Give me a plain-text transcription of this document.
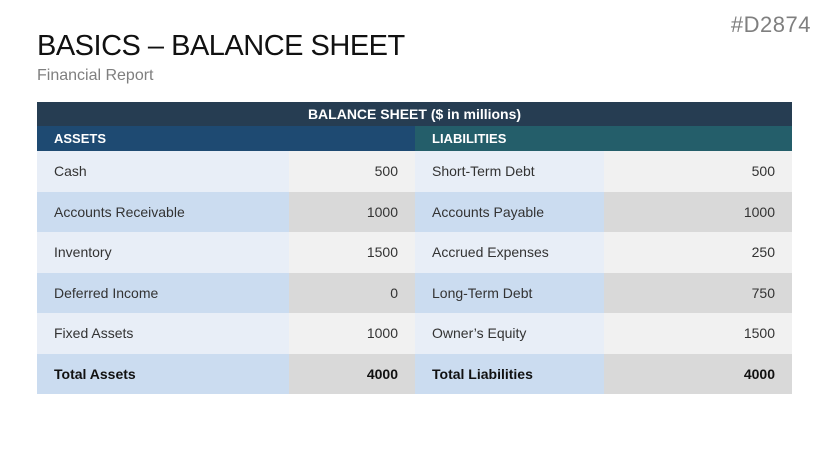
#D2874
BASICS – BALANCE SHEET
Financial Report
BALANCE SHEET ($ in millions)			
ASSETS		LIABILITIES	
Cash	500	Short-Term Debt	500
Accounts Receivable	1000	Accounts Payable	1000
Inventory	1500	Accrued Expenses	250
Deferred Income	0	Long-Term Debt	750
Fixed Assets	1000	Owner’s Equity	1500
Total Assets	4000	Total Liabilities	4000
